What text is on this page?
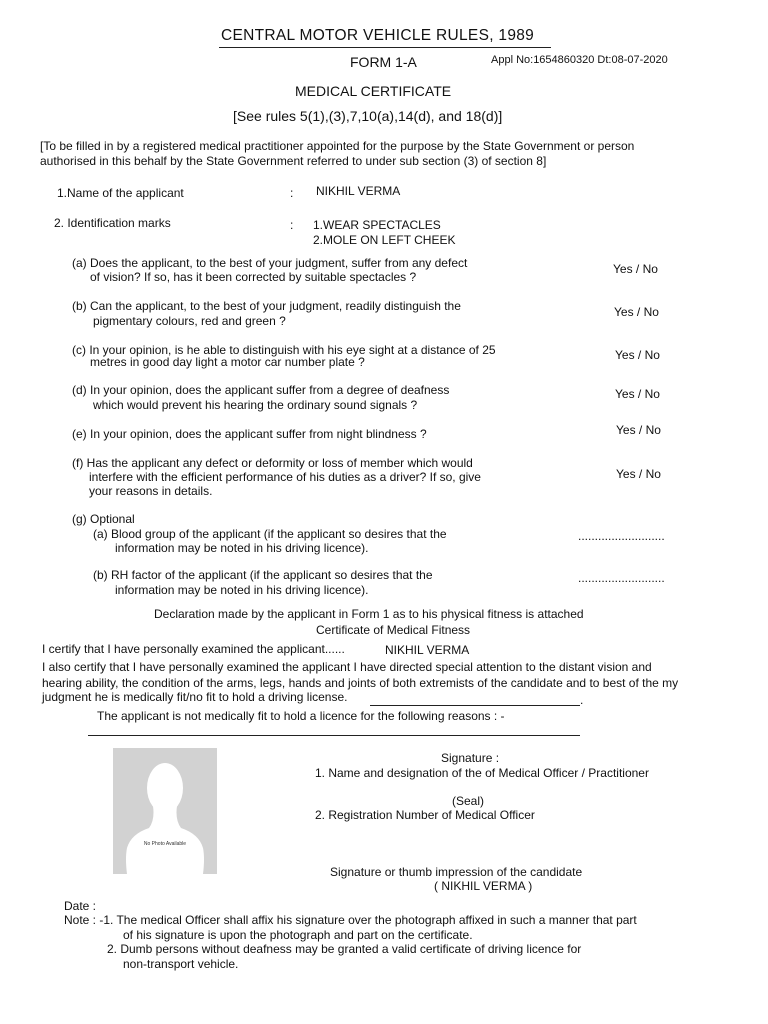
CENTRAL MOTOR VEHICLE RULES, 1989
FORM 1-A	Appl No:1654860320 Dt:08-07-2020
MEDICAL CERTIFICATE
[See rules 5(1),(3),7,10(a),14(d), and 18(d)]
[To be filled in by a registered medical practitioner appointed for the purpose by the State Government or person
authorised in this behalf by the State Government referred to under sub section (3) of section 8]
1.Name of the applicant	: NIKHIL VERMA
2. Identification marks	: 1.WEAR SPECTACLES
2.MOLE ON LEFT CHEEK
(a) Does the applicant, to the best of your judgment, suffer from any defect
of vision? If so, has it been corrected by suitable spectacles ?
Yes / No
(b) Can the applicant, to the best of your judgment, readily distinguish the
pigmentary colours, red and green ?
Yes / No
(c) In your opinion, is he able to distinguish with his eye sight at a distance of 25
metres in good day light a motor car number plate ?	Yes / No
(d) In your opinion, does the applicant suffer from a degree of deafness
which would prevent his hearing the ordinary sound signals ?
Yes / No
(e) In your opinion, does the applicant suffer from night blindness ?	Yes / No
(f) Has the applicant any defect or deformity or loss of member which would
interfere with the efficient performance of his duties as a driver? If so, give
your reasons in details.
Yes / No
(g) Optional
(a) Blood group of the applicant (if the applicant so desires that the
information may be noted in his driving licence).
..........................
(b) RH factor of the applicant (if the applicant so desires that the
information may be noted in his driving licence).
..........................
Declaration made by the applicant in Form 1 as to his physical fitness is attached
Certificate of Medical Fitness
I certify that I have personally examined the applicant......	NIKHIL VERMA
I also certify that I have personally examined the applicant I have directed special attention to the distant vision and
hearing ability, the condition of the arms, legs, hands and joints of both extremists of the candidate and to best of the my
judgment he is medically fit/no fit to hold a driving license.	.
The applicant is not medically fit to hold a licence for the following reasons : -
No Photo Available
Signature :
1. Name and designation of the of Medical Officer / Practitioner
(Seal)
2. Registration Number of Medical Officer
Signature or thumb impression of the candidate
( NIKHIL VERMA )
Date :
Note : -1. The medical Officer shall affix his signature over the photograph affixed in such a manner that part
of his signature is upon the photograph and part on the certificate.
2. Dumb persons without deafness may be granted a valid certificate of driving licence for
non-transport vehicle.
